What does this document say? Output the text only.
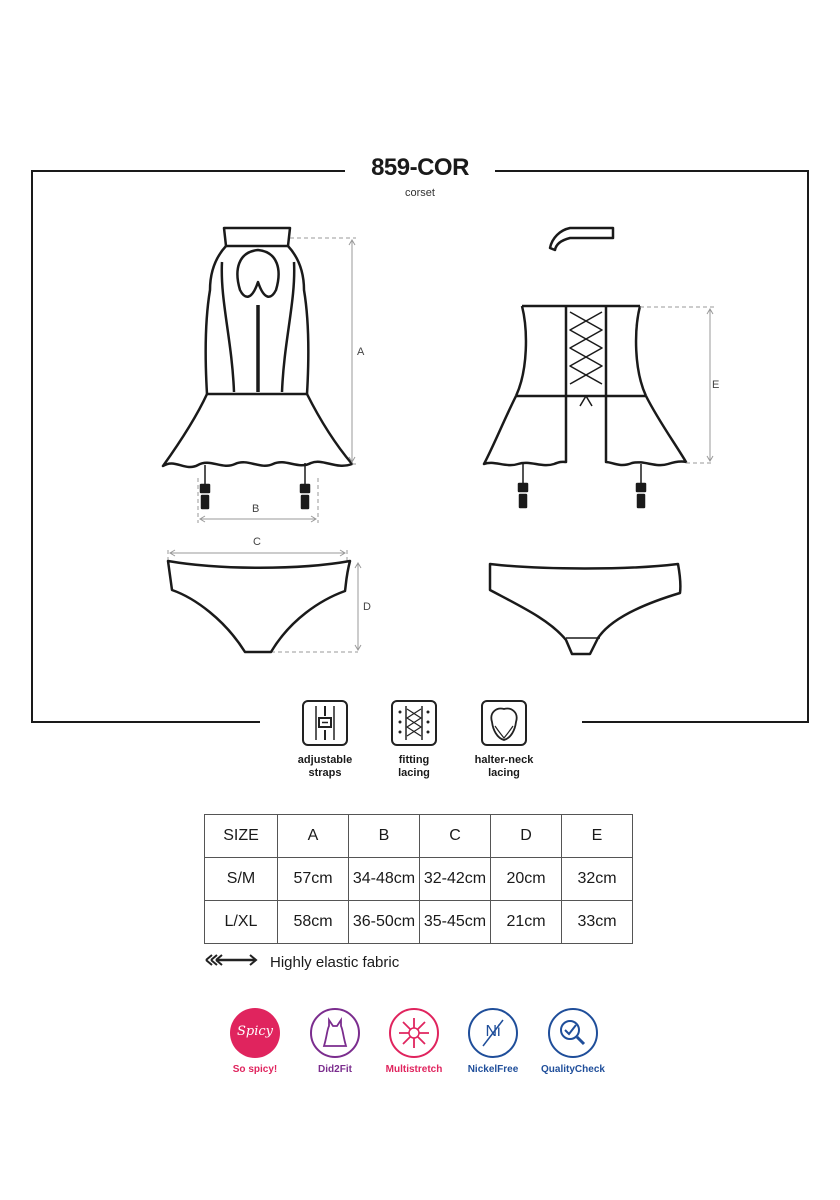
859-COR
corset
A
B
C
D
E
adjustable
straps
fitting
lacing
halter-neck
lacing
SIZE	A	B	C	D	E
S/M	57cm	34-48cm	32-42cm	20cm	32cm
L/XL	58cm	36-50cm	35-45cm	21cm	33cm
Highly elastic fabric
Spicy
So spicy!	Did2Fit	Multistretch
Ni
NickelFree	QualityCheck
